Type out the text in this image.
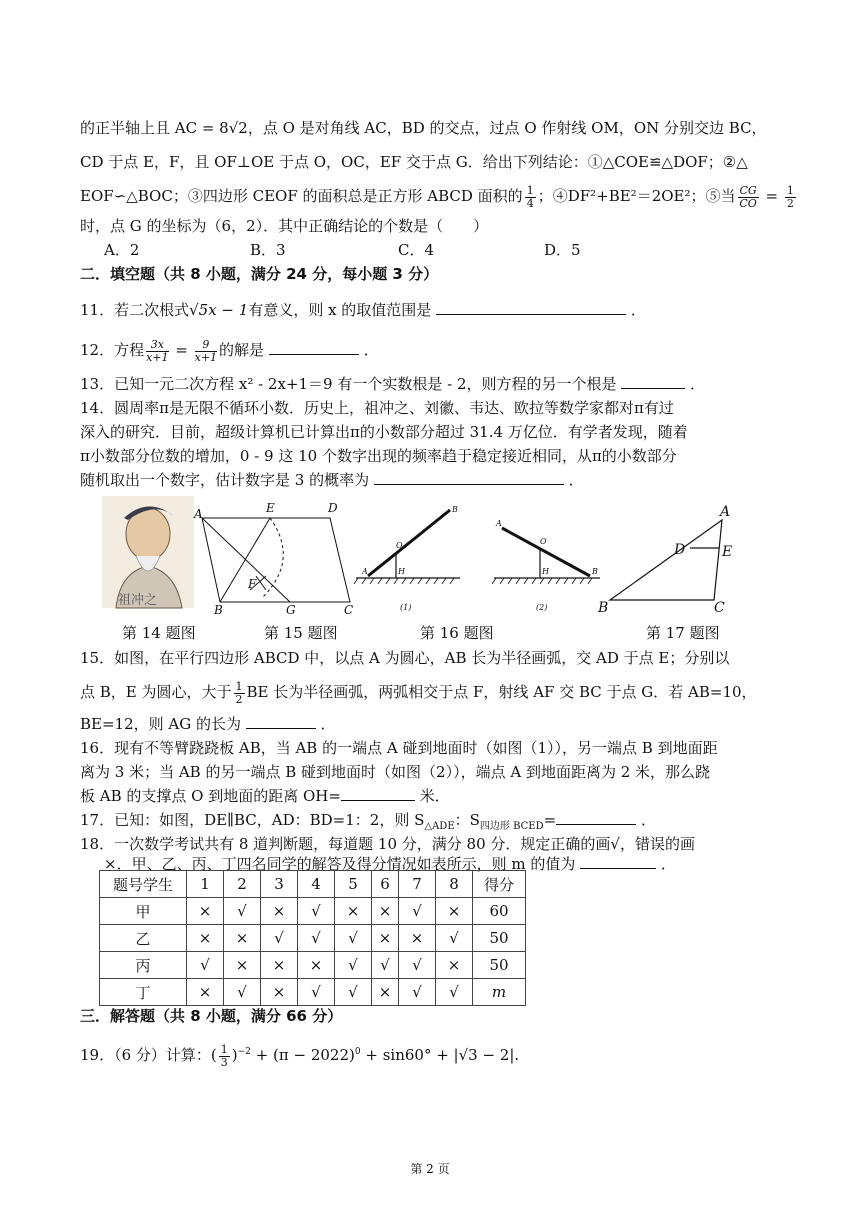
的正半轴上且 AC = 8√2，点 O 是对角线 AC，BD 的交点，过点 O 作射线 OM，ON 分别交边 BC，
CD 于点 E，F，且 OF⊥OE 于点 O，OC，EF 交于点 G．给出下列结论：①△COE≌△DOF；②△
EOF∽△BOC；③四边形 CEOF 的面积总是正方形 ABCD 面积的 $\frac{1}{4}$ ；④DF²+BE²＝2OE²；⑤当 $\frac{CG}{CO} = \frac{1}{2}$
时，点 G 的坐标为（6，2）．其中正确结论的个数是（　　）
A．2	B．3	C．4	D．5
二．填空题（共 8 小题，满分 24 分，每小题 3 分）
11．若二次根式√5x − 1有意义，则 x 的取值范围是	．
12．方程 $\frac{3x}{x+1} = \frac{9}{x+1}$ 的解是	．
13．已知一元二次方程 x² - 2x+1＝9 有一个实数根是 - 2，则方程的另一个根是	．
14．圆周率π是无限不循环小数．历史上，祖冲之、刘徽、韦达、欧拉等数学家都对π有过
深入的研究．目前，超级计算机已计算出π的小数部分超过 31.4 万亿位．有学者发现，随着
π小数部分位数的增加，0 - 9 这 10 个数字出现的频率趋于稳定接近相同，从π的小数部分
随机取出一个数字，估计数字是 3 的概率为	．
祖冲之
A	E	D
F
B	G	C
B
O
A	H
(1)
O
A
H	B
(2)
A
D	E
B	C
第 14 题图	第 15 题图	第 16 题图	第 17 题图
15．如图，在平行四边形 ABCD 中，以点 A 为圆心，AB 长为半径画弧，交 AD 于点 E；分别以
点 B，E 为圆心，大于 $\frac{1}{2}$ BE 长为半径画弧，两弧相交于点 F，射线 AF 交 BC 于点 G．若 AB=10，
BE=12，则 AG 的长为	．
16．现有不等臂跷跷板 AB，当 AB 的一端点 A 碰到地面时（如图（1）），另一端点 B 到地面距
离为 3 米；当 AB 的另一端点 B 碰到地面时（如图（2）），端点 A 到地面距离为 2 米，那么跷
板 AB 的支撑点 O 到地面的距离 OH=	米．
17．已知：如图，DE∥BC，AD：BD=1：2，则 $S_{\triangle ADE}$：$S_{四边形 BCED}=$	．
18．一次数学考试共有 8 道判断题，每道题 10 分，满分 80 分．规定正确的画√，错误的画
×．甲、乙、丙、丁四名同学的解答及得分情况如表所示，则 m 的值为	．
题号学生	1	2	3	4	5	6	7	8	得分
甲	×	√	×	√	×	×	√	×	60
乙	×	×	√	√	√	×	×	√	50
丙	√	×	×	×	√	√	√	×	50
丁	×	√	×	√	√	×	√	√	m
三．解答题（共 8 小题，满分 66 分）
19．（6 分）计算：( $\frac{1}{3} )^{-2} + (\pi - 2022)^0 + \sin 60^\circ + |√3 - 2|$.
第 2 页
